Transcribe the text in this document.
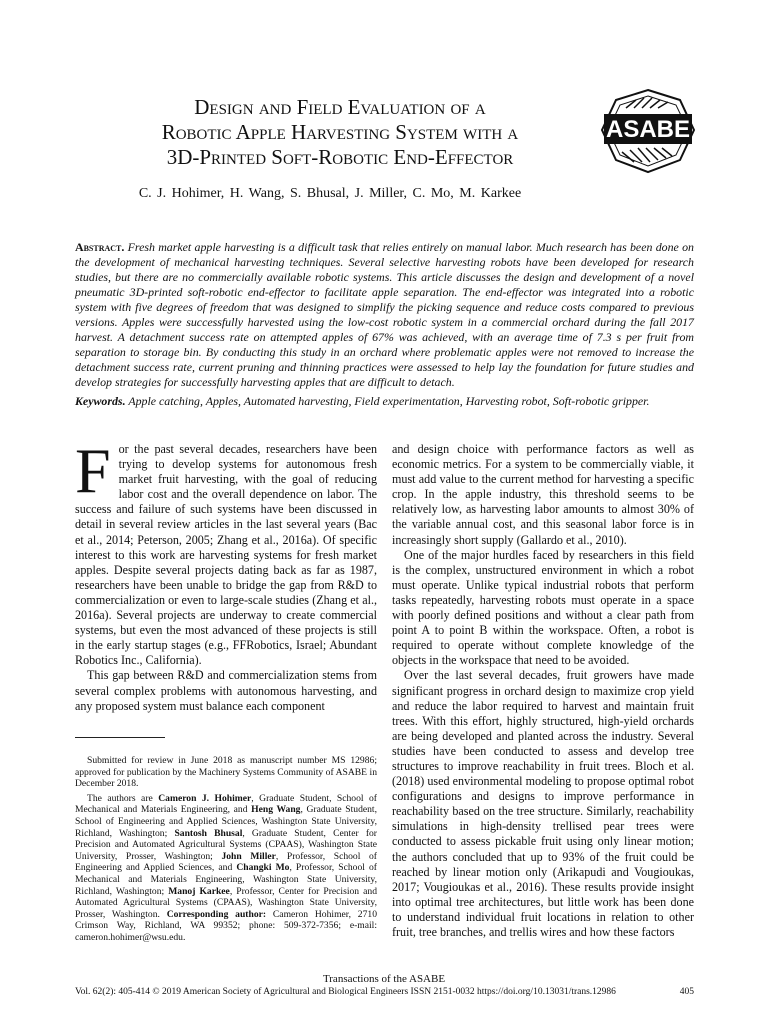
Design and Field Evaluation of a
Robotic Apple Harvesting System with a
3D-Printed Soft-Robotic End-Effector
ASABE
C. J. Hohimer, H. Wang, S. Bhusal, J. Miller, C. Mo, M. Karkee
Abstract. Fresh market apple harvesting is a difficult task that relies entirely on manual labor. Much research has been done on the development of mechanical harvesting techniques. Several selective harvesting robots have been developed for research studies, but there are no commercially available robotic systems. This article discusses the design and development of a novel pneumatic 3D-printed soft-robotic end-effector to facilitate apple separation. The end-effector was integrated into a robotic system with five degrees of freedom that was designed to simplify the picking sequence and reduce costs compared to previous versions. Apples were successfully harvested using the low-cost robotic system in a commercial orchard during the fall 2017 harvest. A detachment success rate on attempted apples of 67% was achieved, with an average time of 7.3 s per fruit from separation to storage bin. By conducting this study in an orchard where problematic apples were not removed to increase the detachment success rate, current pruning and thinning practices were assessed to help lay the foundation for future studies and develop strategies for successfully harvesting apples that are difficult to detach.
Keywords. Apple catching, Apples, Automated harvesting, Field experimentation, Harvesting robot, Soft-robotic gripper.

For the past several decades, researchers have been trying to develop systems for autonomous fresh market fruit harvesting, with the goal of reducing labor cost and the overall dependence on labor. The success and failure of such systems have been discussed in detail in several review articles in the last several years (Bac et al., 2014; Peterson, 2005; Zhang et al., 2016a). Of specific interest to this work are harvesting systems for fresh market apples. Despite several projects dating back as far as 1987, researchers have been unable to bridge the gap from R&D to commercialization or even to large-scale studies (Zhang et al., 2016a). Several projects are underway to create commercial systems, but even the most advanced of these projects is still in the early startup stages (e.g., FFRobotics, Israel; Abundant Robotics Inc., California).

This gap between R&D and commercialization stems from several complex problems with autonomous harvesting, and any proposed system must balance each component

and design choice with performance factors as well as economic metrics. For a system to be commercially viable, it must add value to the current method for harvesting a specific crop. In the apple industry, this threshold seems to be relatively low, as harvesting labor amounts to almost 30% of the variable annual cost, and this seasonal labor force is in increasingly short supply (Gallardo et al., 2010).

One of the major hurdles faced by researchers in this field is the complex, unstructured environment in which a robot must operate. Unlike typical industrial robots that perform tasks repeatedly, harvesting robots must operate in a space with poorly defined positions and without a clear path from point A to point B within the workspace. Often, a robot is required to operate without complete knowledge of the objects in the workspace that need to be avoided.

Over the last several decades, fruit growers have made significant progress in orchard design to maximize crop yield and reduce the labor required to harvest and maintain fruit trees. With this effort, highly structured, high-yield orchards are being developed and planted across the industry. Several studies have been conducted to assess and develop tree structures to improve reachability in fruit trees. Bloch et al. (2018) used environmental modeling to propose optimal robot configurations and designs to improve performance in reachability based on the tree structure. Similarly, reachability simulations in high-density trellised pear trees were conducted to assess pickable fruit using only linear motion; the authors concluded that up to 93% of the fruit could be reached by linear motion only (Arikapudi and Vougioukas, 2017; Vougioukas et al., 2016). These results provide insight into optimal tree architectures, but little work has been done to understand individual fruit locations in relation to other fruit, tree branches, and trellis wires and how these factors

Submitted for review in June 2018 as manuscript number MS 12986; approved for publication by the Machinery Systems Community of ASABE in December 2018.

The authors are Cameron J. Hohimer, Graduate Student, School of Mechanical and Materials Engineering, and Heng Wang, Graduate Student, School of Engineering and Applied Sciences, Washington State University, Richland, Washington; Santosh Bhusal, Graduate Student, Center for Precision and Automated Agricultural Systems (CPAAS), Washington State University, Prosser, Washington; John Miller, Professor, School of Engineering and Applied Sciences, and Changki Mo, Professor, School of Mechanical and Materials Engineering, Washington State University, Richland, Washington; Manoj Karkee, Professor, Center for Precision and Automated Agricultural Systems (CPAAS), Washington State University, Prosser, Washington. Corresponding author: Cameron Hohimer, 2710 Crimson Way, Richland, WA 99352; phone: 509-372-7356; e-mail: cameron.hohimer@wsu.edu.

Transactions of the ASABE
Vol. 62(2): 405-414 © 2019 American Society of Agricultural and Biological Engineers ISSN 2151-0032 https://doi.org/10.13031/trans.12986	405
